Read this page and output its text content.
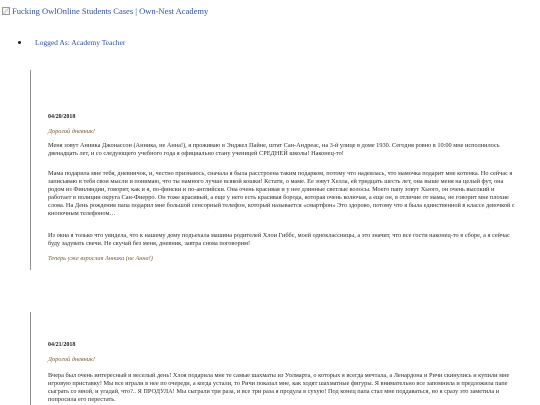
Fucking OwlOnline Students Cases | Own-Nest Academy
Logged As: Academy Teacher

04/20/2018

Дорогой дневник!

Меня зовут Анника Джонассон (Анника, не Анна!), я проживаю в Энджел Пайне, штат Сан-Андреас, на 3-й улице в доме 1930. Сегодня ровно в 10:00 мне исполнилось двенадцать лет, и со следующего учебного года я официально стану ученицей СРЕДНЕЙ школы! Наконец-то!

Мама подарила мне тебя, дневничок, и, честно признаюсь, сначала я была расстроена таким подарком, потому что надеялась, что мамочка подарит мне котенка. Но сейчас я записываю в тебя свои мысли и понимаю, что ты намного лучше всякой кошки! Кстати, о маме. Ее зовут Хелла, ей тридцать шесть лет, она выше меня на целый фут, она родом из Финляндии, говорит, как и я, по-фински и по-английски. Она очень красивая и у нее длинные светлые волосы. Моего папу зовут Хьюго, он очень высокий и работает в полиции округа Сан-Фиерро. Он тоже красивый, а еще у него есть красивая борода, которая очень колючая, а еще он, в отличие от мамы, не говорит мне плохие слова. На День рождения папа подарил мне большой сенсорный телефон, который называется «смартфон» Это здорово, потому что я была единственной в классе девочкой с кнопочным телефоном…

Из окна я только что увидела, что к нашему дому подъехала машина родителей Хлои Гиббс, моей одноклассницы, а это значит, что все гости наконец-то в сборе, а я сейчас буду задувать свечи. Не скучай без меня, дневник, завтра снова поговорим!

Теперь уже взрослая Анника (не Анна!)

04/21/2018

Дорогой дневник!

Вчера был очень интересный и веселый день! Хлоя подарила мне те самые шахматы из Уолмарта, о которых я всегда мечтала, а Ленардона и Ричи скинулись и купили мне игровую приставку! Мы все играли в нее по очереди, а когда устали, то Ричи показал мне, как ходят шахматные фигуры. Я внимательно все запомнила и предложила папе сыграть со мной, и угадай, что?.. Я ПРОДУЛА! Мы сыграли три раза, и все три раза я продула в сухую! Под конец папа стал мне поддаваться, но я сразу это заметила и попросила его перестать.
